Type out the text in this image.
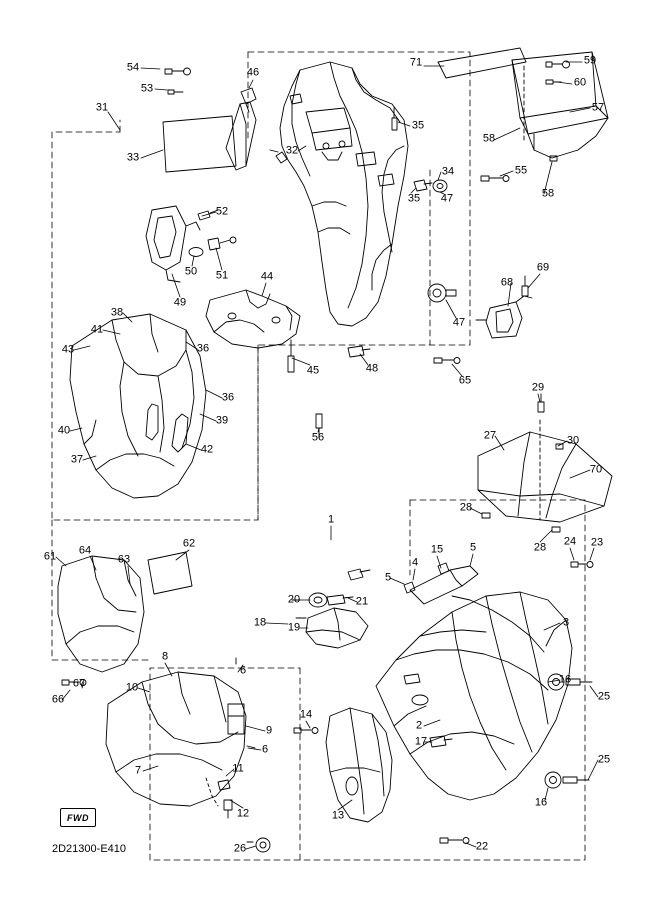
FWD
2D21300-E410
54
53
46
71	59
60
57
31
35
58
33
32
34	55
58
52
35 47
50 51
49
44	68
69
47
38
41
43	36
48
45
65
36
40
39
42
37
56
29
27	30
70
28
28 24 23
1
61 64
63
62	15 5
4
5
20	21
3
18 19
8
6
16
10
25
14
2
9
17
6
66
67
7	11
25
16
12	13
22
26
